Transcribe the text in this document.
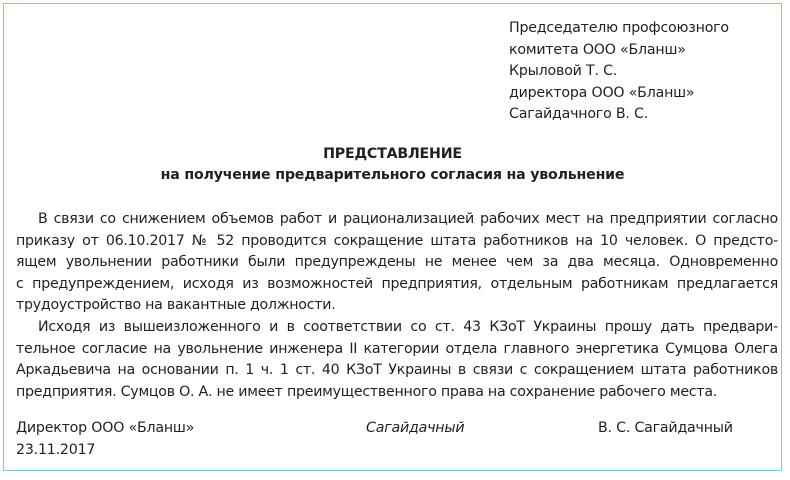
Председателю профсоюзного
комитета ООО «Бланш»
Крыловой Т. С.
директора ООО «Бланш»
Сагайдачного В. С.
ПРЕДСТАВЛЕНИЕ
на получение предварительного согласия на увольнение
В связи со снижением объемов работ и рационализацией рабочих мест на предприятии согласно
приказу от 06.10.2017 № 52 проводится сокращение штата работников на 10 человек. О предсто-
ящем увольнении работники были предупреждены не менее чем за два месяца. Одновременно
с предупреждением, исходя из возможностей предприятия, отдельным работникам предлагается
трудоустройство на вакантные должности.
Исходя из вышеизложенного и в соответствии со ст. 43 КЗоТ Украины прошу дать предвари-
тельное согласие на увольнение инженера II категории отдела главного энергетика Сумцова Олега
Аркадьевича на основании п. 1 ч. 1 ст. 40 КЗоТ Украины в связи с сокращением штата работников
предприятия. Сумцов О. А. не имеет преимущественного права на сохранение рабочего места.
Директор ООО «Бланш»
23.11.2017
Сагайдачный	В. С. Сагайдачный
